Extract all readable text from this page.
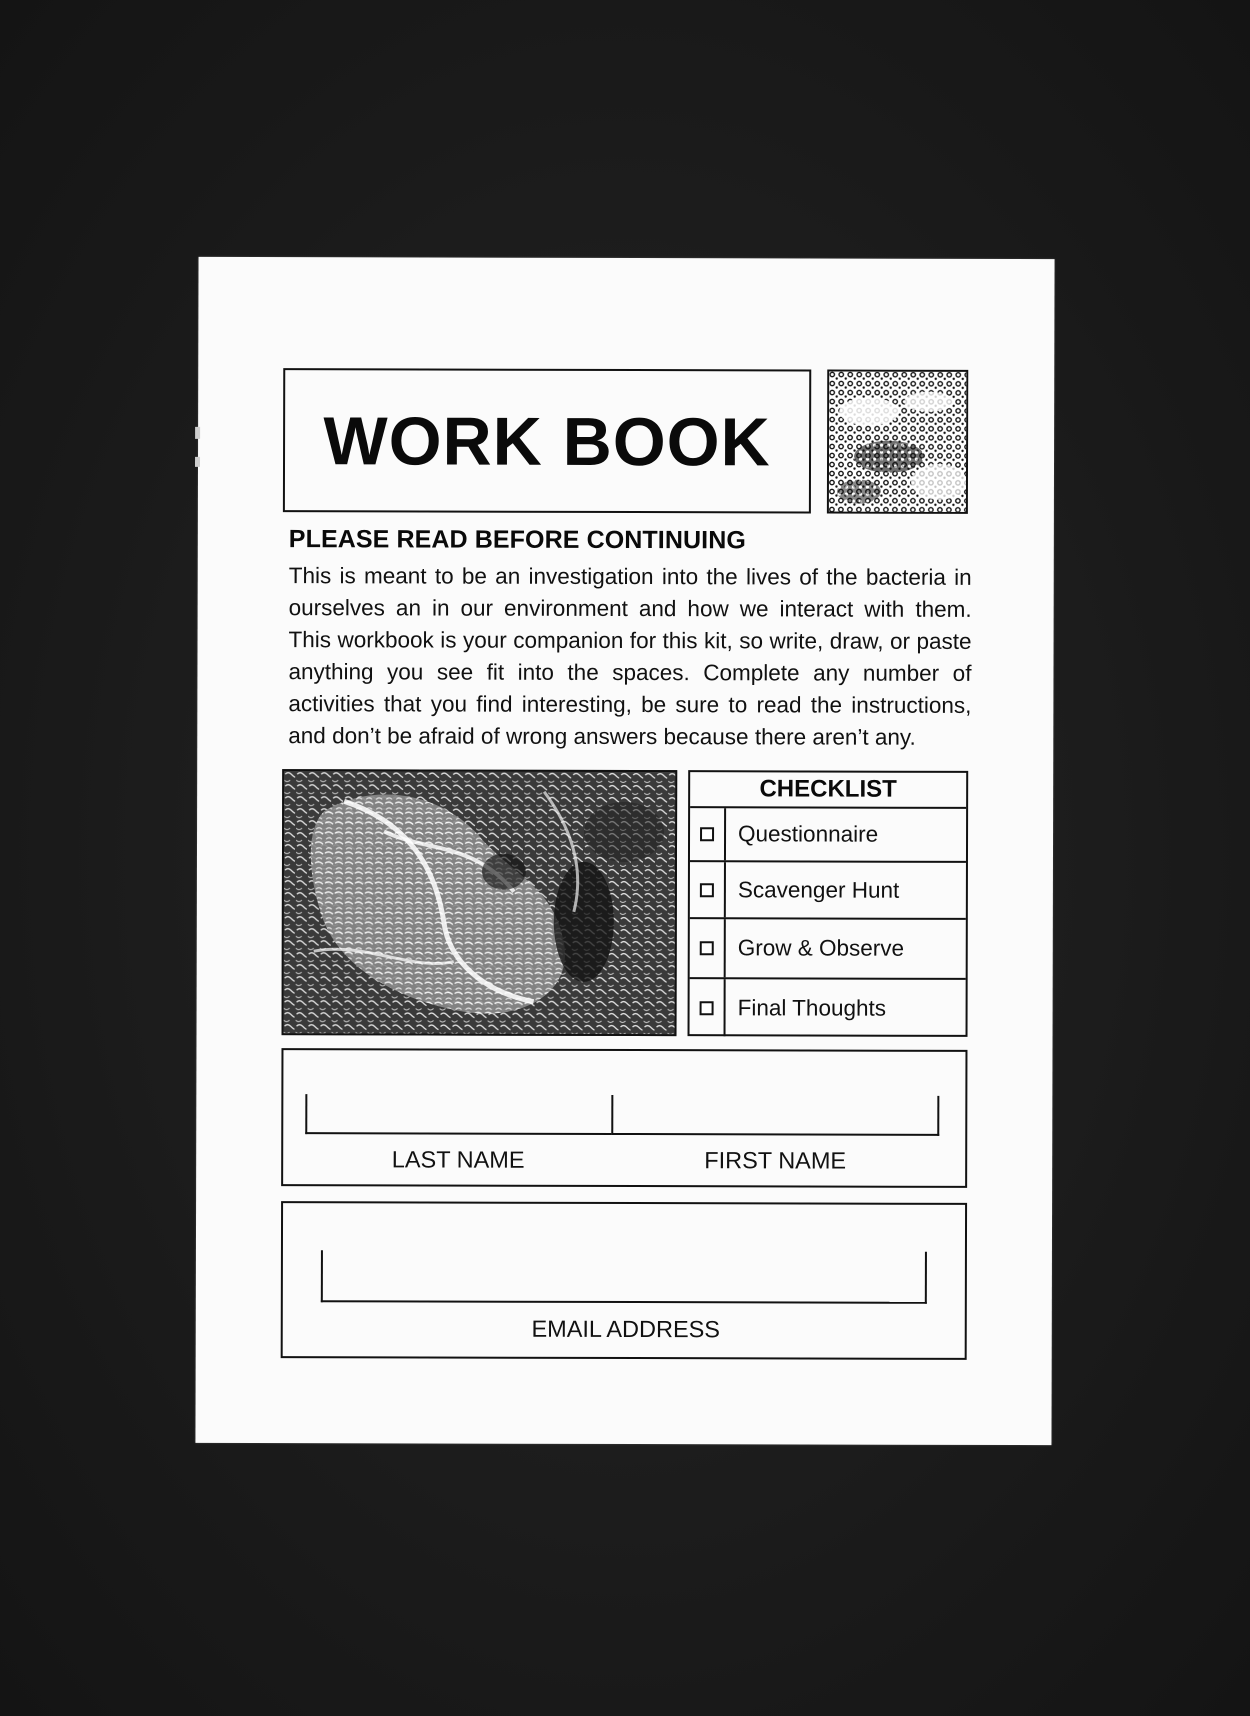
WORK BOOK
PLEASE READ BEFORE CONTINUING
This is meant to be an investigation into the lives of the bacteria in ourselves an in our environment and how we interact with them. This workbook is your companion for this kit, so write, draw, or paste anything you see fit into the spaces. Complete any number of activities that you find interesting, be sure to read the instructions, and don’t be afraid of wrong answers because there aren’t any.
CHECKLIST
Questionnaire
Scavenger Hunt
Grow & Observe
Final Thoughts
LAST NAME	FIRST NAME
EMAIL ADDRESS
